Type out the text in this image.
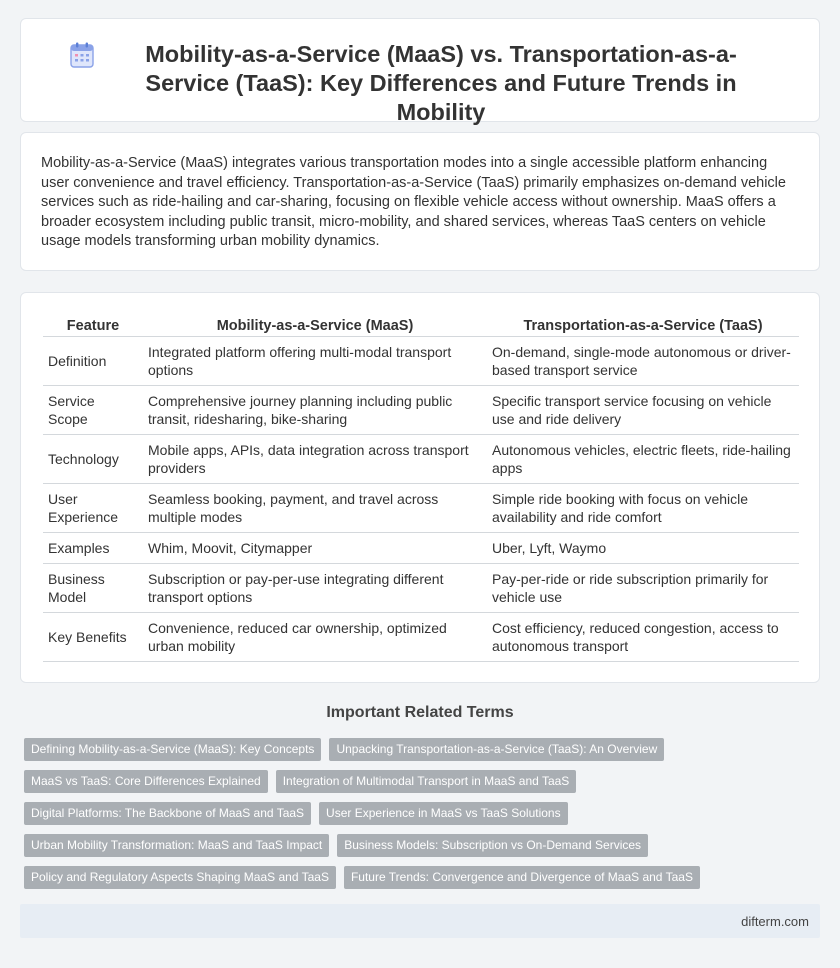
Mobility-as-a-Service (MaaS) vs. Transportation-as-a-Service (TaaS): Key Differences and Future Trends in Mobility

Mobility-as-a-Service (MaaS) integrates various transportation modes into a single accessible platform enhancing user convenience and travel efficiency. Transportation-as-a-Service (TaaS) primarily emphasizes on-demand vehicle services such as ride-hailing and car-sharing, focusing on flexible vehicle access without ownership. MaaS offers a broader ecosystem including public transit, micro-mobility, and shared services, whereas TaaS centers on vehicle usage models transforming urban mobility dynamics.

Feature	Mobility-as-a-Service (MaaS)	Transportation-as-a-Service (TaaS)
Definition	Integrated platform offering multi-modal transport options	On-demand, single-mode autonomous or driver-based transport service
Service Scope	Comprehensive journey planning including public transit, ridesharing, bike-sharing	Specific transport service focusing on vehicle use and ride delivery
Technology	Mobile apps, APIs, data integration across transport providers	Autonomous vehicles, electric fleets, ride-hailing apps
User Experience	Seamless booking, payment, and travel across multiple modes	Simple ride booking with focus on vehicle availability and ride comfort
Examples	Whim, Moovit, Citymapper	Uber, Lyft, Waymo
Business Model	Subscription or pay-per-use integrating different transport options	Pay-per-ride or ride subscription primarily for vehicle use
Key Benefits	Convenience, reduced car ownership, optimized urban mobility	Cost efficiency, reduced congestion, access to autonomous transport
Important Related Terms
Defining Mobility-as-a-Service (MaaS): Key Concepts	Unpacking Transportation-as-a-Service (TaaS): An Overview
MaaS vs TaaS: Core Differences Explained	Integration of Multimodal Transport in MaaS and TaaS
Digital Platforms: The Backbone of MaaS and TaaS	User Experience in MaaS vs TaaS Solutions
Urban Mobility Transformation: MaaS and TaaS Impact	Business Models: Subscription vs On-Demand Services
Policy and Regulatory Aspects Shaping MaaS and TaaS	Future Trends: Convergence and Divergence of MaaS and TaaS
difterm.com
